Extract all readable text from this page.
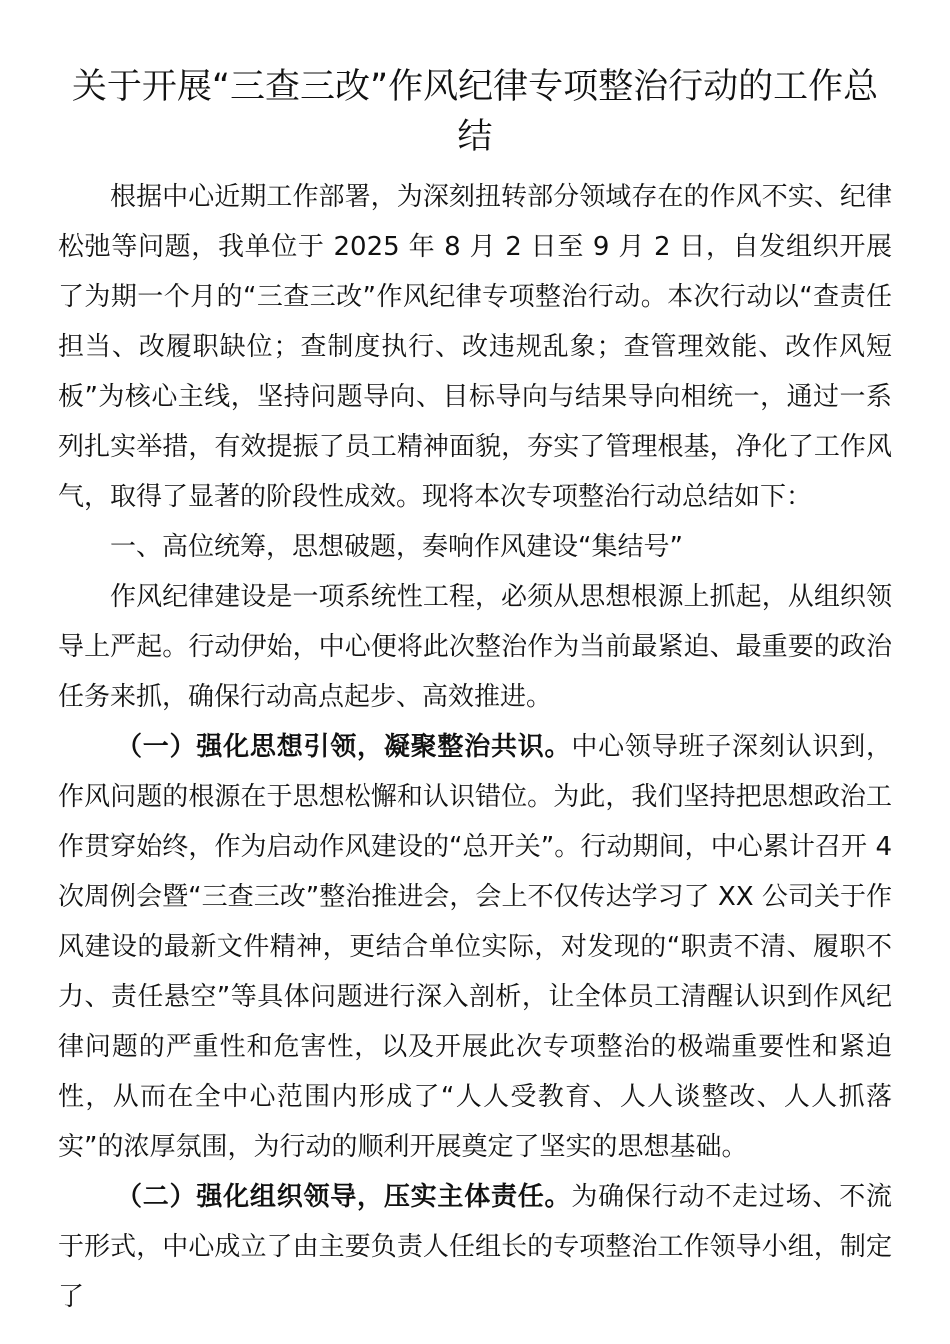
关于开展“三查三改”作风纪律专项整治行动的工作总结

根据中心近期工作部署，为深刻扭转部分领域存在的作风不实、纪律松弛等问题，我单位于 2025 年 8 月 2 日至 9 月 2 日，自发组织开展了为期一个月的“三查三改”作风纪律专项整治行动。本次行动以“查责任担当、改履职缺位；查制度执行、改违规乱象；查管理效能、改作风短板”为核心主线，坚持问题导向、目标导向与结果导向相统一，通过一系列扎实举措，有效提振了员工精神面貌，夯实了管理根基，净化了工作风气，取得了显著的阶段性成效。现将本次专项整治行动总结如下：

一、高位统筹，思想破题，奏响作风建设“集结号”

作风纪律建设是一项系统性工程，必须从思想根源上抓起，从组织领导上严起。行动伊始，中心便将此次整治作为当前最紧迫、最重要的政治任务来抓，确保行动高点起步、高效推进。

（一）强化思想引领，凝聚整治共识。中心领导班子深刻认识到，作风问题的根源在于思想松懈和认识错位。为此，我们坚持把思想政治工作贯穿始终，作为启动作风建设的“总开关”。行动期间，中心累计召开 4 次周例会暨“三查三改”整治推进会，会上不仅传达学习了 XX 公司关于作风建设的最新文件精神，更结合单位实际，对发现的“职责不清、履职不力、责任悬空”等具体问题进行深入剖析，让全体员工清醒认识到作风纪律问题的严重性和危害性，以及开展此次专项整治的极端重要性和紧迫性，从而在全中心范围内形成了“人人受教育、人人谈整改、人人抓落实”的浓厚氛围，为行动的顺利开展奠定了坚实的思想基础。

（二）强化组织领导，压实主体责任。为确保行动不走过场、不流于形式，中心成立了由主要负责人任组长的专项整治工作领导小组，制定了
